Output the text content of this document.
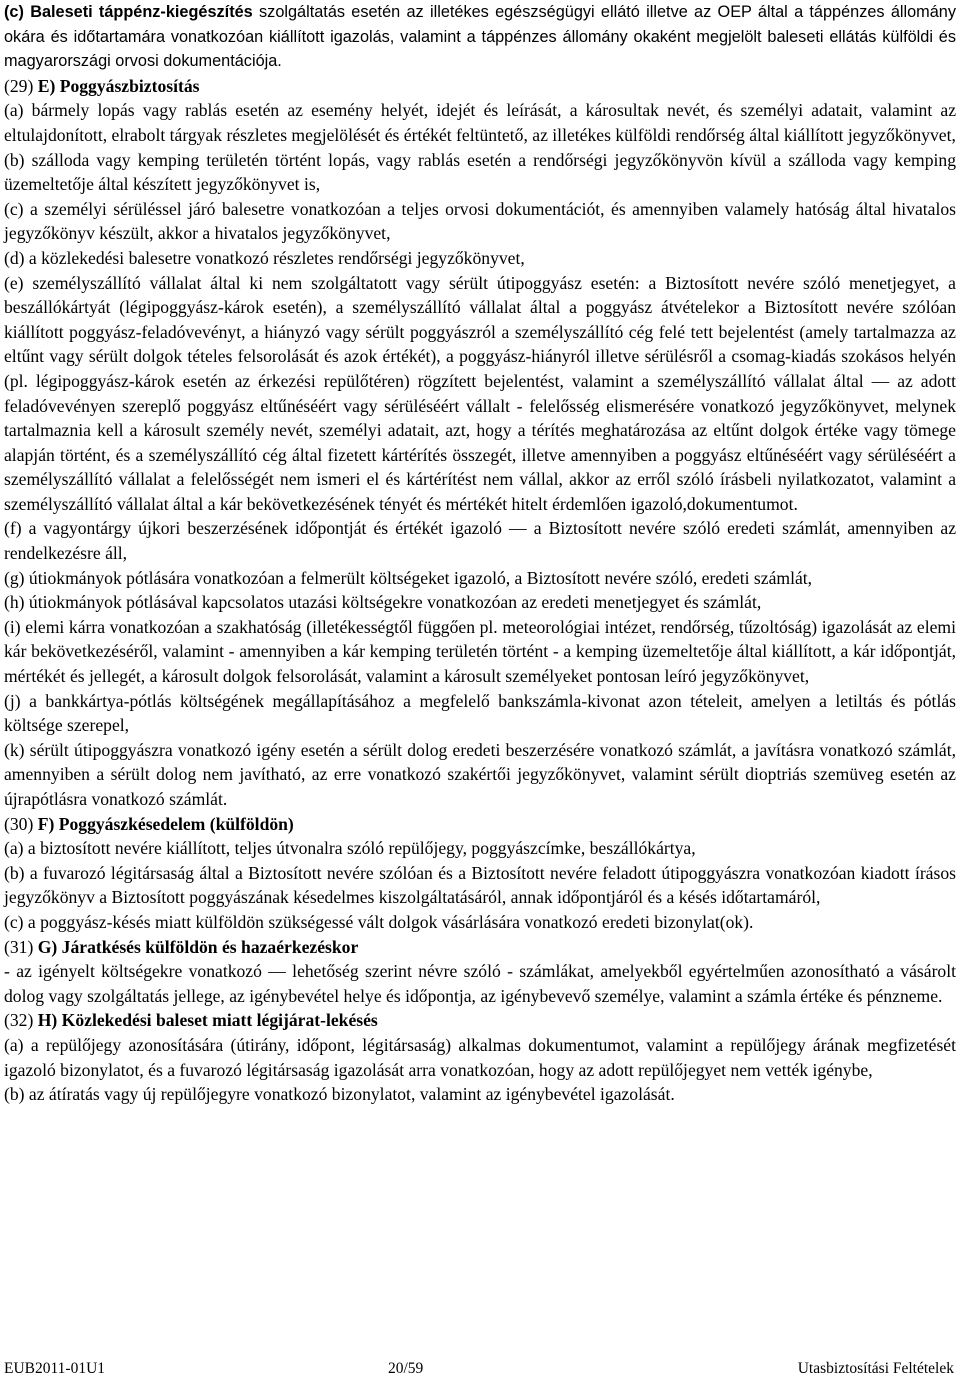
(c) Baleseti táppénz-kiegészítés szolgáltatás esetén az illetékes egészségügyi ellátó illetve az OEP által a táppénzes állomány okára és időtartamára vonatkozóan kiállított igazolás, valamint a táppénzes állomány okaként megjelölt baleseti ellátás külföldi és magyarországi orvosi dokumentációja.

(29) E) Poggyászbiztosítás

(a) bármely lopás vagy rablás esetén az esemény helyét, idejét és leírását, a károsultak nevét, és személyi adatait, valamint az eltulajdonított, elrabolt tárgyak részletes megjelölését és értékét feltüntető, az illetékes külföldi rendőrség által kiállított jegyzőkönyvet,

(b) szálloda vagy kemping területén történt lopás, vagy rablás esetén a rendőrségi jegyzőkönyvön kívül a szálloda vagy kemping üzemeltetője által készített jegyzőkönyvet is,

(c) a személyi sérüléssel járó balesetre vonatkozóan a teljes orvosi dokumentációt, és amennyiben valamely hatóság által hivatalos jegyzőkönyv készült, akkor a hivatalos jegyzőkönyvet,

(d) a közlekedési balesetre vonatkozó részletes rendőrségi jegyzőkönyvet,

(e) személyszállító vállalat által ki nem szolgáltatott vagy sérült útipoggyász esetén: a Biztosított nevére szóló menetjegyet, a beszállókártyát (légipoggyász-károk esetén), a személyszállító vállalat által a poggyász átvételekor a Biztosított nevére szólóan kiállított poggyász-feladóvevényt, a hiányzó vagy sérült poggyászról a személyszállító cég felé tett bejelentést (amely tartalmazza az eltűnt vagy sérült dolgok tételes felsorolását és azok értékét), a poggyász-hiányról illetve sérülésről a csomag-kiadás szokásos helyén (pl. légipoggyász-károk esetén az érkezési repülőtéren) rögzített bejelentést, valamint a személyszállító vállalat által — az adott feladóvevényen szereplő poggyász eltűnéséért vagy sérüléséért vállalt - felelősség elismerésére vonatkozó jegyzőkönyvet, melynek tartalmaznia kell a károsult személy nevét, személyi adatait, azt, hogy a térítés meghatározása az eltűnt dolgok értéke vagy tömege alapján történt, és a személyszállító cég által fizetett kártérítés összegét, illetve amennyiben a poggyász eltűnéséért vagy sérüléséért a személyszállító vállalat a felelősségét nem ismeri el és kártérítést nem vállal, akkor az erről szóló írásbeli nyilatkozatot, valamint a személyszállító vállalat által a kár bekövetkezésének tényét és mértékét hitelt érdemlően igazoló,dokumentumot.

(f) a vagyontárgy újkori beszerzésének időpontját és értékét igazoló — a Biztosított nevére szóló eredeti számlát, amennyiben az rendelkezésre áll,

(g) útiokmányok pótlására vonatkozóan a felmerült költségeket igazoló, a Biztosított nevére szóló, eredeti számlát,

(h) útiokmányok pótlásával kapcsolatos utazási költségekre vonatkozóan az eredeti menetjegyet és számlát,

(i) elemi kárra vonatkozóan a szakhatóság (illetékességtől függően pl. meteorológiai intézet, rendőrség, tűzoltóság) igazolását az elemi kár bekövetkezéséről, valamint - amennyiben a kár kemping területén történt - a kemping üzemeltetője által kiállított, a kár időpontját, mértékét és jellegét, a károsult dolgok felsorolását, valamint a károsult személyeket pontosan leíró jegyzőkönyvet,

(j) a bankkártya-pótlás költségének megállapításához a megfelelő bankszámla-kivonat azon tételeit, amelyen a letiltás és pótlás költsége szerepel,

(k) sérült útipoggyászra vonatkozó igény esetén a sérült dolog eredeti beszerzésére vonatkozó számlát, a javításra vonatkozó számlát, amennyiben a sérült dolog nem javítható, az erre vonatkozó szakértői jegyzőkönyvet, valamint sérült dioptriás szemüveg esetén az újrapótlásra vonatkozó számlát.

(30) F) Poggyászkésedelem (külföldön)

(a) a biztosított nevére kiállított, teljes útvonalra szóló repülőjegy, poggyászcímke, beszállókártya,

(b) a fuvarozó légitársaság által a Biztosított nevére szólóan és a Biztosított nevére feladott útipoggyászra vonatkozóan kiadott írásos jegyzőkönyv a Biztosított poggyászának késedelmes kiszolgáltatásáról, annak időpontjáról és a késés időtartamáról,

(c) a poggyász-késés miatt külföldön szükségessé vált dolgok vásárlására vonatkozó eredeti bizonylat(ok).

(31) G) Járatkésés külföldön és hazaérkezéskor

- az igényelt költségekre vonatkozó — lehetőség szerint névre szóló - számlákat, amelyekből egyértelműen azonosítható a vásárolt dolog vagy szolgáltatás jellege, az igénybevétel helye és időpontja, az igénybevevő személye, valamint a számla értéke és pénzneme.

(32) H) Közlekedési baleset miatt légijárat-lekésés

(a) a repülőjegy azonosítására (útirány, időpont, légitársaság) alkalmas dokumentumot, valamint a repülőjegy árának megfizetését igazoló bizonylatot, és a fuvarozó légitársaság igazolását arra vonatkozóan, hogy az adott repülőjegyet nem vették igénybe,

(b) az átíratás vagy új repülőjegyre vonatkozó bizonylatot, valamint az igénybevétel igazolását.

EUB2011-01U1	20/59	Utasbiztosítási Feltételek
